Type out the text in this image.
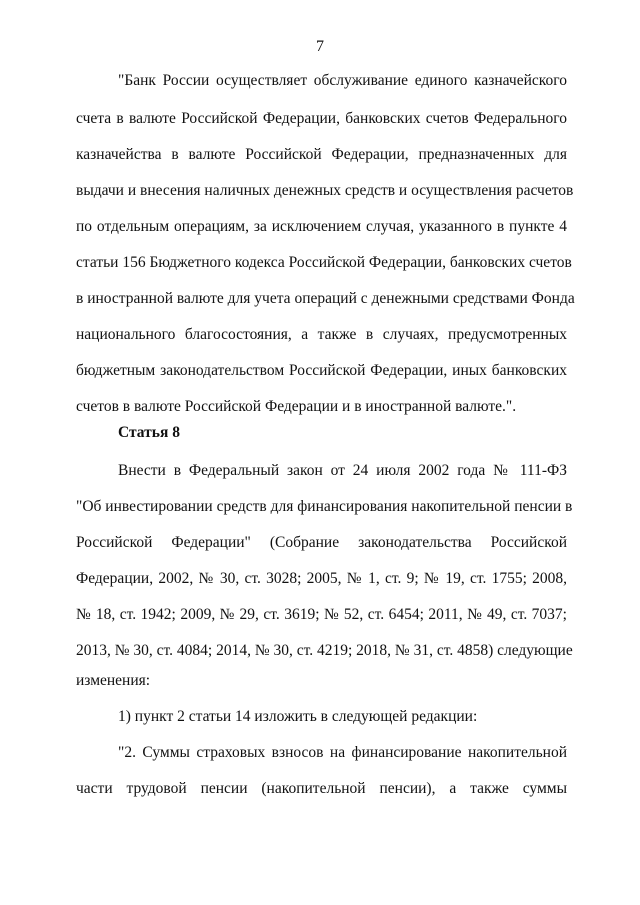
7
"Банк России осуществляет обслуживание единого казначейского
счета в валюте Российской Федерации, банковских счетов Федерального
казначейства в валюте Российской Федерации, предназначенных для
выдачи и внесения наличных денежных средств и осуществления расчетов
по отдельным операциям, за исключением случая, указанного в пункте 4
статьи 156 Бюджетного кодекса Российской Федерации, банковских счетов
в иностранной валюте для учета операций с денежными средствами Фонда
национального благосостояния, а также в случаях, предусмотренных
бюджетным законодательством Российской Федерации, иных банковских
счетов в валюте Российской Федерации и в иностранной валюте.".
Статья 8
Внести в Федеральный закон от 24 июля 2002 года № 111-ФЗ
"Об инвестировании средств для финансирования накопительной пенсии в
Российской Федерации" (Собрание законодательства Российской
Федерации, 2002, № 30, ст. 3028; 2005, № 1, ст. 9; № 19, ст. 1755; 2008,
№ 18, ст. 1942; 2009, № 29, ст. 3619; № 52, ст. 6454; 2011, № 49, ст. 7037;
2013, № 30, ст. 4084; 2014, № 30, ст. 4219; 2018, № 31, ст. 4858) следующие
изменения:
1) пункт 2 статьи 14 изложить в следующей редакции:
"2. Суммы страховых взносов на финансирование накопительной
части трудовой пенсии (накопительной пенсии), а также суммы
